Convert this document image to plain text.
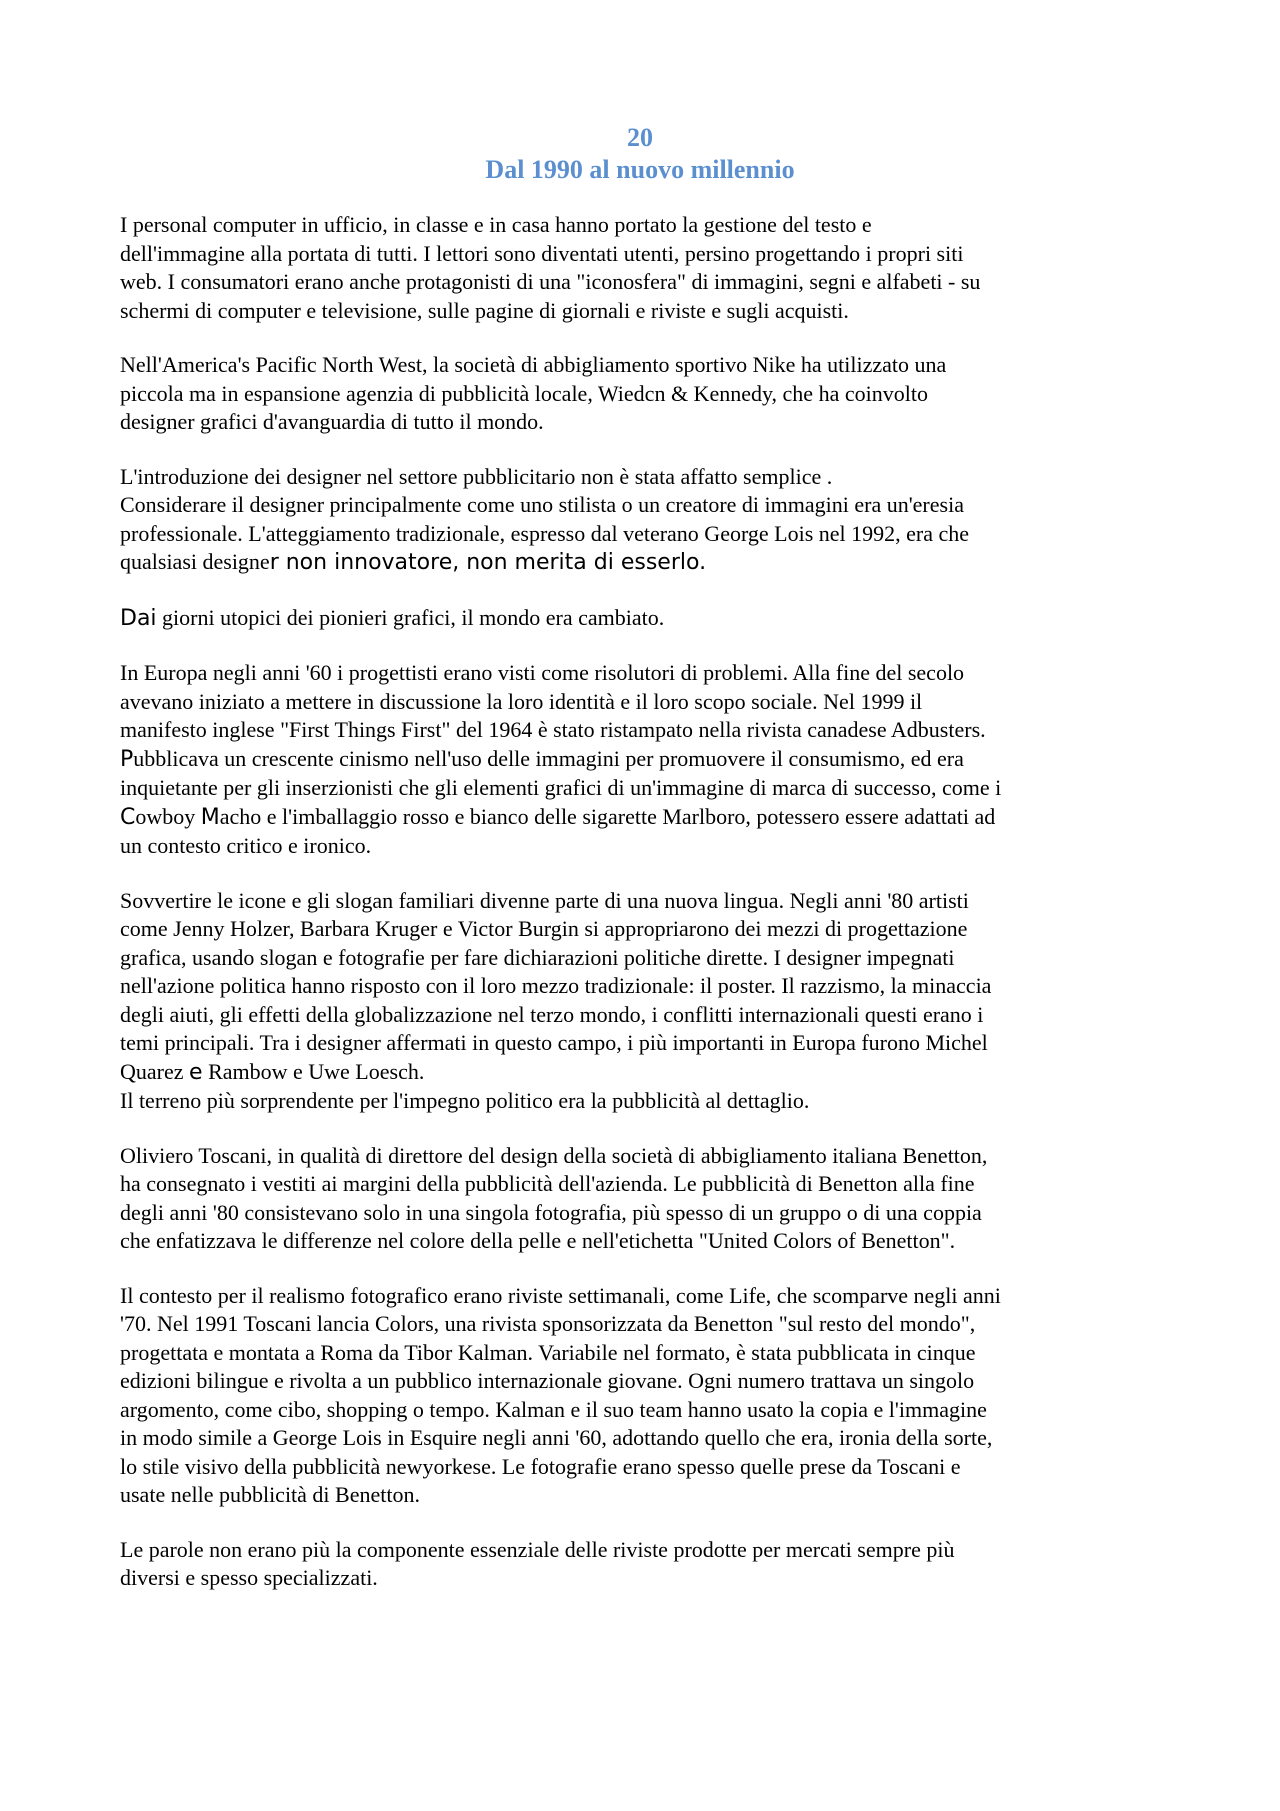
20
Dal 1990 al nuovo millennio

I personal computer in ufficio, in classe e in casa hanno portato la gestione del testo e
dell'immagine alla portata di tutti. I lettori sono diventati utenti, persino progettando i propri siti
web. I consumatori erano anche protagonisti di una "iconosfera" di immagini, segni e alfabeti - su
schermi di computer e televisione, sulle pagine di giornali e riviste e sugli acquisti.

Nell'America's Pacific North West, la società di abbigliamento sportivo Nike ha utilizzato una
piccola ma in espansione agenzia di pubblicità locale, Wiedcn & Kennedy, che ha coinvolto
designer grafici d'avanguardia di tutto il mondo.

L'introduzione dei designer nel settore pubblicitario non è stata affatto semplice .
Considerare il designer principalmente come uno stilista o un creatore di immagini era un'eresia
professionale. L'atteggiamento tradizionale, espresso dal veterano George Lois nel 1992, era che
qualsiasi designer non innovatore, non merita di esserlo.

Dai giorni utopici dei pionieri grafici, il mondo era cambiato.

In Europa negli anni '60 i progettisti erano visti come risolutori di problemi. Alla fine del secolo
avevano iniziato a mettere in discussione la loro identità e il loro scopo sociale. Nel 1999 il
manifesto inglese "First Things First" del 1964 è stato ristampato nella rivista canadese Adbusters.
Pubblicava un crescente cinismo nell'uso delle immagini per promuovere il consumismo, ed era
inquietante per gli inserzionisti che gli elementi grafici di un'immagine di marca di successo, come i
Cowboy Macho e l'imballaggio rosso e bianco delle sigarette Marlboro, potessero essere adattati ad
un contesto critico e ironico.

Sovvertire le icone e gli slogan familiari divenne parte di una nuova lingua. Negli anni '80 artisti
come Jenny Holzer, Barbara Kruger e Victor Burgin si appropriarono dei mezzi di progettazione
grafica, usando slogan e fotografie per fare dichiarazioni politiche dirette. I designer impegnati
nell'azione politica hanno risposto con il loro mezzo tradizionale: il poster. Il razzismo, la minaccia
degli aiuti, gli effetti della globalizzazione nel terzo mondo, i conflitti internazionali questi erano i
temi principali. Tra i designer affermati in questo campo, i più importanti in Europa furono Michel
Quarez e Rambow e Uwe Loesch.
Il terreno più sorprendente per l'impegno politico era la pubblicità al dettaglio.

Oliviero Toscani, in qualità di direttore del design della società di abbigliamento italiana Benetton,
ha consegnato i vestiti ai margini della pubblicità dell'azienda. Le pubblicità di Benetton alla fine
degli anni '80 consistevano solo in una singola fotografia, più spesso di un gruppo o di una coppia
che enfatizzava le differenze nel colore della pelle e nell'etichetta "United Colors of Benetton".

Il contesto per il realismo fotografico erano riviste settimanali, come Life, che scomparve negli anni
'70. Nel 1991 Toscani lancia Colors, una rivista sponsorizzata da Benetton "sul resto del mondo",
progettata e montata a Roma da Tibor Kalman. Variabile nel formato, è stata pubblicata in cinque
edizioni bilingue e rivolta a un pubblico internazionale giovane. Ogni numero trattava un singolo
argomento, come cibo, shopping o tempo. Kalman e il suo team hanno usato la copia e l'immagine
in modo simile a George Lois in Esquire negli anni '60, adottando quello che era, ironia della sorte,
lo stile visivo della pubblicità newyorkese. Le fotografie erano spesso quelle prese da Toscani e
usate nelle pubblicità di Benetton.

Le parole non erano più la componente essenziale delle riviste prodotte per mercati sempre più
diversi e spesso specializzati.
